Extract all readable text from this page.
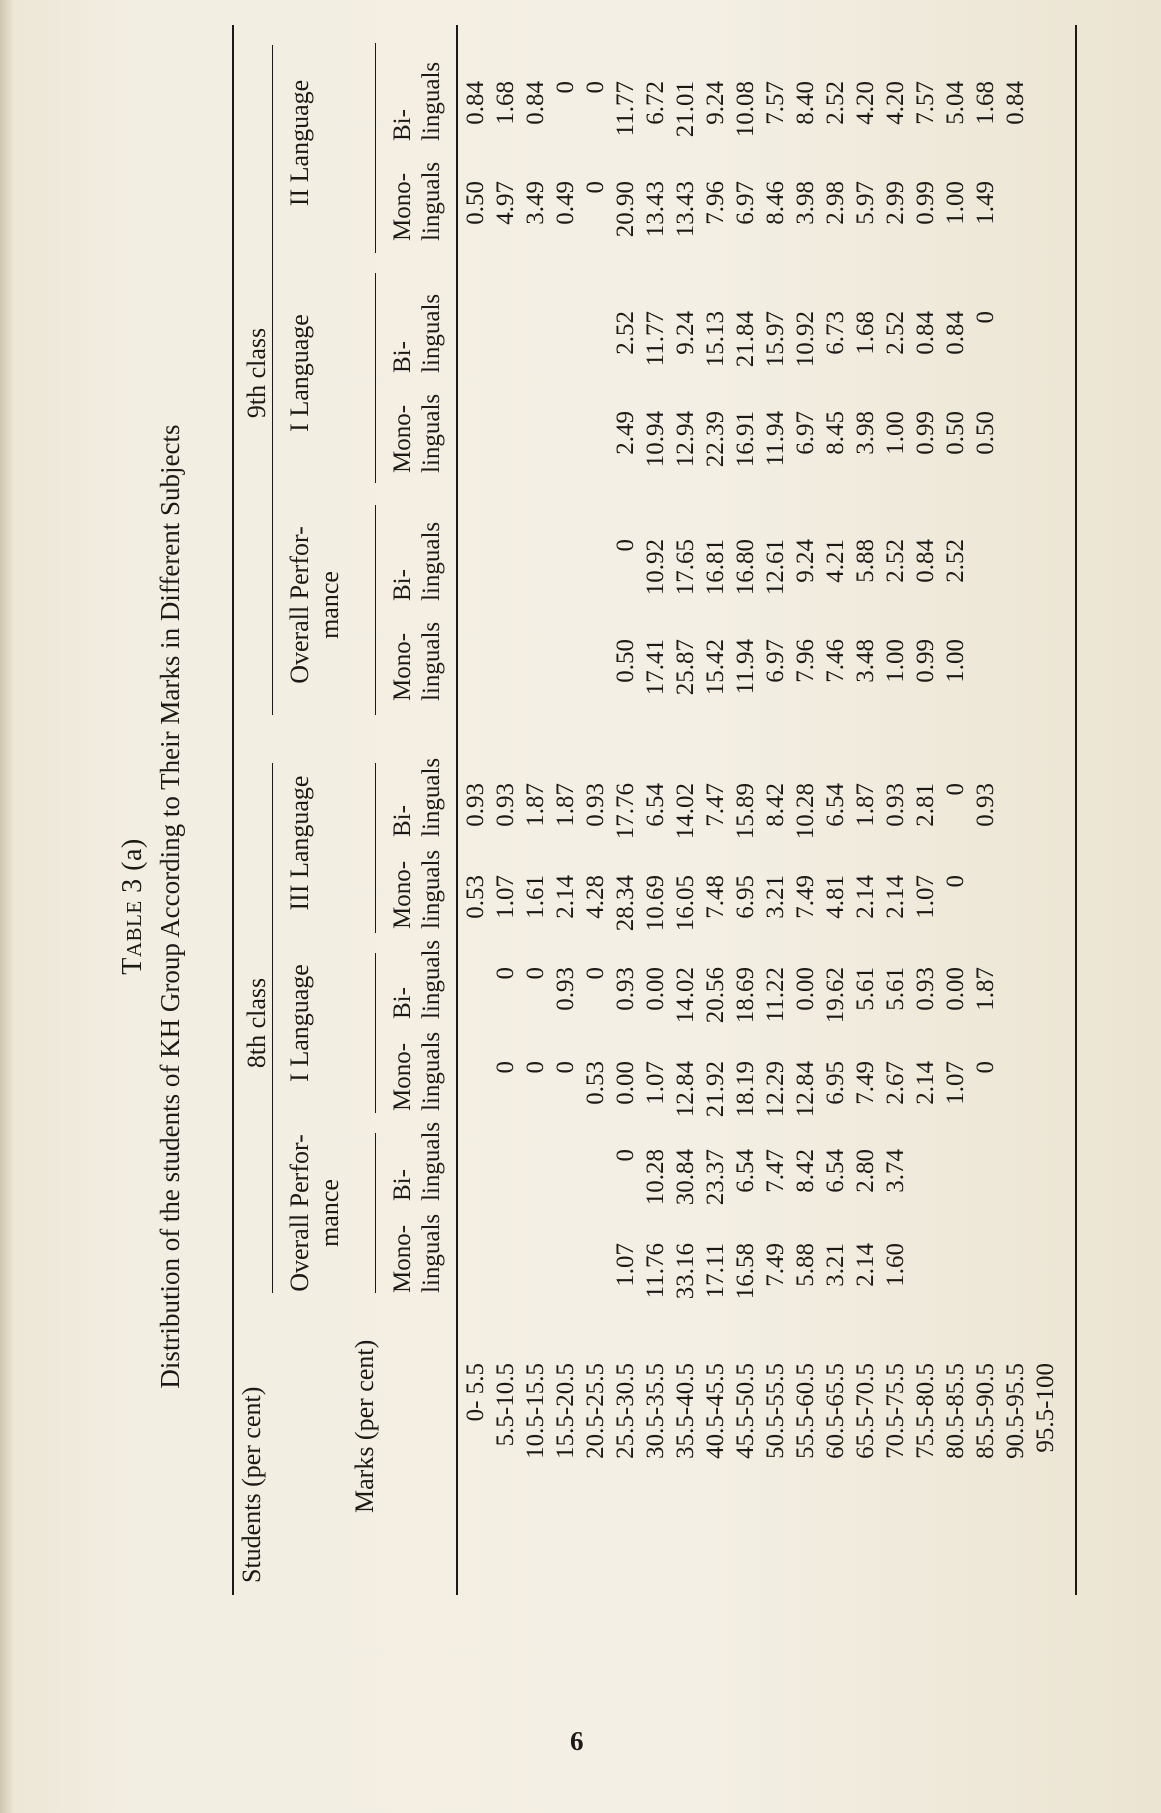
TABLE 3 (a) Distribution of the students of KH Group According to Their Marks in Different Subjects
Students (per cent)	Marks (per cent)
8th class
9th class
Overall Perfor- mance
I Language
III Language
Overall Perfor- mance
I Language
II Language
Mono- linguals
Bi- linguals
Mono- linguals
Bi- linguals
Mono- linguals
Bi- linguals
Mono- linguals
Bi- linguals
Mono- linguals
Bi- linguals
Mono- linguals
Bi- linguals
0- 5.5 5.5-10.5 10.5-15.5 15.5-20.5 20.5-25.5 25.5-30.5 30.5-35.5 35.5-40.5 40.5-45.5 45.5-50.5 50.5-55.5 55.5-60.5 60.5-65.5 65.5-70.5 70.5-75.5 75.5-80.5 80.5-85.5 85.5-90.5 90.5-95.5 95.5-100
1.07 11.76 33.16 17.11 16.58 7.49 5.88 3.21 2.14 1.60
0 10.28 30.84 23.37 6.54 7.47 8.42 6.54 2.80 3.74
0 0 0 0.53 0.00 1.07 12.84 21.92 18.19 12.29 12.84 6.95 7.49 2.67 2.14 1.07 0
0 0 0.93 0 0.93 0.00 14.02 20.56 18.69 11.22 0.00 19.62 5.61 5.61 0.93 0.00 1.87
0.53 1.07 1.61 2.14 4.28 28.34 10.69 16.05 7.48 6.95 3.21 7.49 4.81 2.14 2.14 1.07 0
0.93 0.93 1.87 1.87 0.93 17.76 6.54 14.02 7.47 15.89 8.42 10.28 6.54 1.87 0.93 2.81 0 0.93
0.50 17.41 25.87 15.42 11.94 6.97 7.96 7.46 3.48 1.00 0.99 1.00
0 10.92 17.65 16.81 16.80 12.61 9.24 4.21 5.88 2.52 0.84 2.52
2.49 10.94 12.94 22.39 16.91 11.94 6.97 8.45 3.98 1.00 0.99 0.50 0.50
2.52 11.77 9.24 15.13 21.84 15.97 10.92 6.73 1.68 2.52 0.84 0.84 0
0.50 4.97 3.49 0.49 0 20.90 13.43 13.43 7.96 6.97 8.46 3.98 2.98 5.97 2.99 0.99 1.00 1.49
0.84 1.68 0.84 0 0 11.77 6.72 21.01 9.24 10.08 7.57 8.40 2.52 4.20 4.20 7.57 5.04 1.68 0.84
6
